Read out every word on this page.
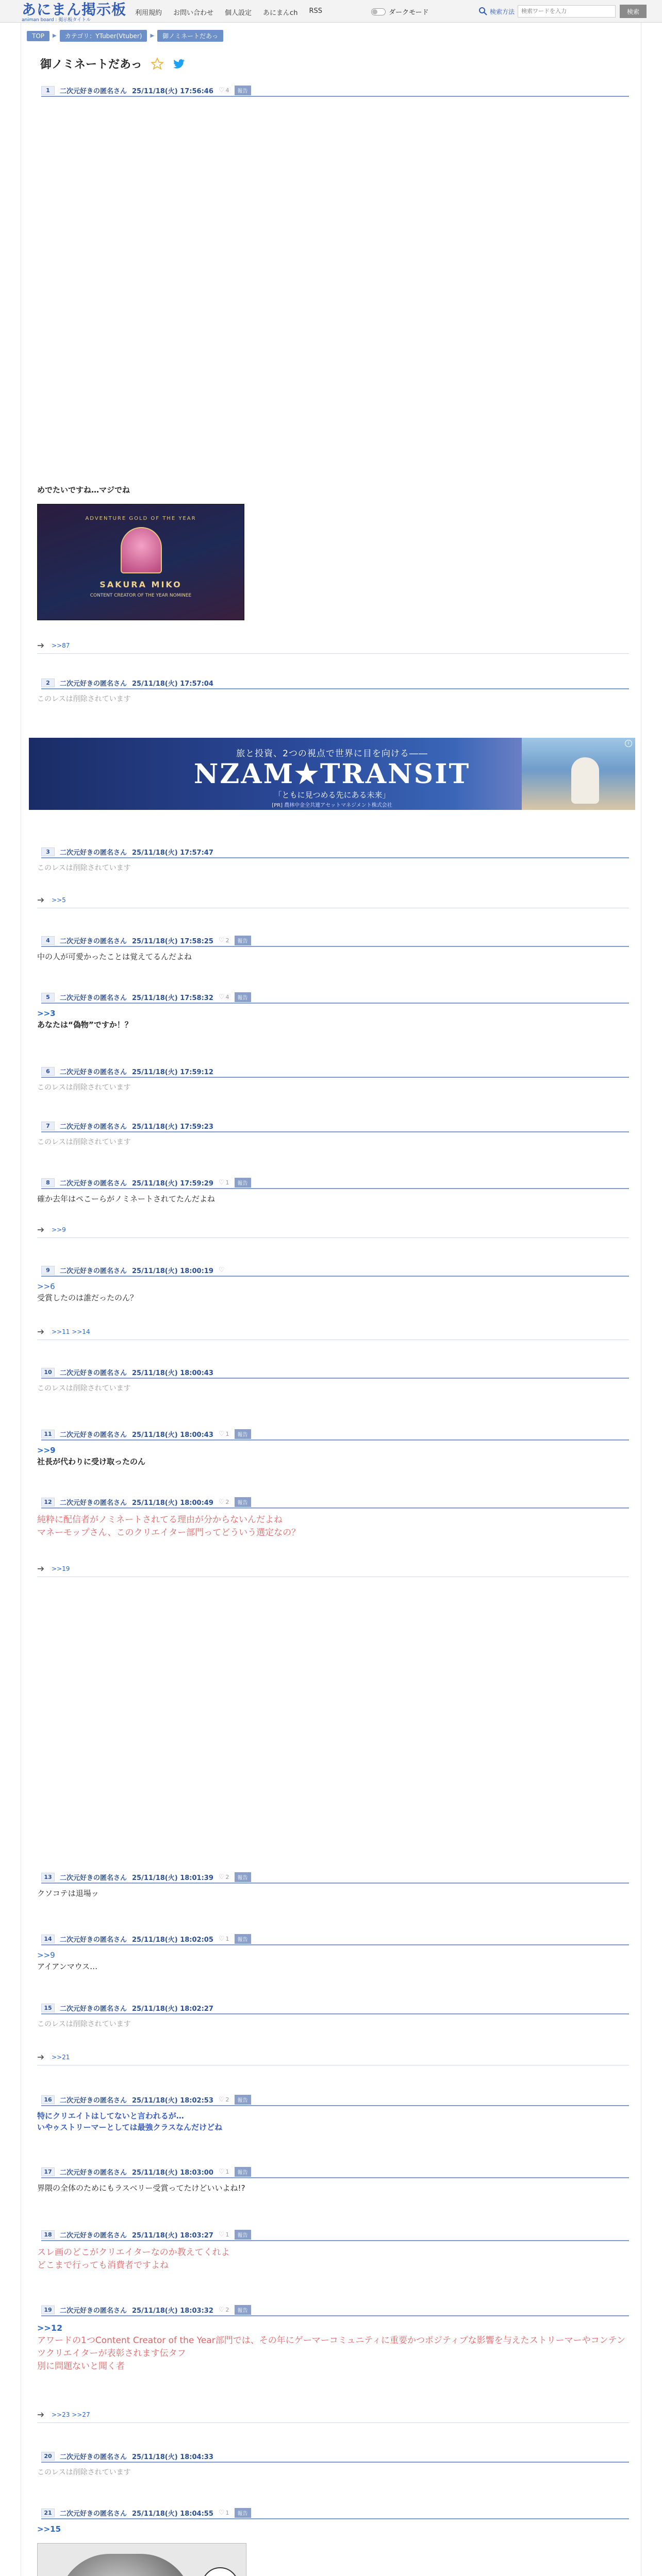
あにまん掲示板
animan board : 掲示板タイトル
利用規約 お問い合わせ 個人設定 あにまんch RSS	ダークモード	検索方法
検索ワードを入力	検索
TOP	▶	カテゴリ：YTuber(Vtuber)	▶	御ノミネートだあっ
御ノミネートだあっ
1	二次元好きの匿名さん 25/11/18(火) 17:56:46 ♡ 4	報告
めでたいですね…マジでね
ADVENTURE GOLD OF THE YEAR
SAKURA MIKO
CONTENT CREATOR OF THE YEAR NOMINEE
>>87
2	二次元好きの匿名さん 25/11/18(火) 17:57:04
このレスは削除されています
旅と投資、2つの視点で世界に目を向ける――
NZAM★TRANSIT
「ともに見つめる先にある未来」
[PR] 農林中金全共連アセットマネジメント株式会社
i
3	二次元好きの匿名さん 25/11/18(火) 17:57:47
このレスは削除されています
>>5
4	二次元好きの匿名さん 25/11/18(火) 17:58:25 ♡ 2	報告
中の人が可愛かったことは覚えてるんだよね
5	二次元好きの匿名さん 25/11/18(火) 17:58:32 ♡ 4	報告
>>3
あなたは“偽物”ですか！？
6	二次元好きの匿名さん 25/11/18(火) 17:59:12
このレスは削除されています
7	二次元好きの匿名さん 25/11/18(火) 17:59:23
このレスは削除されています
8	二次元好きの匿名さん 25/11/18(火) 17:59:29 ♡ 1	報告
確か去年はペこーらがノミネートされてたんだよね
>>9
9	二次元好きの匿名さん 25/11/18(火) 18:00:19 ♡
>>6
受賞したのは誰だったのん？
>>11 >>14
10	二次元好きの匿名さん 25/11/18(火) 18:00:43
このレスは削除されています
11	二次元好きの匿名さん 25/11/18(火) 18:00:43 ♡ 1	報告
>>9
社長が代わりに受け取ったのん
12	二次元好きの匿名さん 25/11/18(火) 18:00:49 ♡ 2	報告
純粋に配信者がノミネートされてる理由が分からないんだよね
マネーモップさん、このクリエイター部門ってどういう選定なの？
>>19
13	二次元好きの匿名さん 25/11/18(火) 18:01:39 ♡ 2	報告
クソコテは退場ッ
14	二次元好きの匿名さん 25/11/18(火) 18:02:05 ♡ 1	報告
>>9
アイアンマウス…
15	二次元好きの匿名さん 25/11/18(火) 18:02:27
このレスは削除されています
>>21
16	二次元好きの匿名さん 25/11/18(火) 18:02:53 ♡ 2	報告
特にクリエイトはしてないと言われるが…
いやゥストリーマーとしては最強クラスなんだけどね
17	二次元好きの匿名さん 25/11/18(火) 18:03:00 ♡ 1	報告
界隈の全体のためにもラスベリー受賞ってたけどいいよね!?
18	二次元好きの匿名さん 25/11/18(火) 18:03:27 ♡ 1	報告
スレ画のどこがクリエイターなのか教えてくれよ
どこまで行っても消費者ですよね
19	二次元好きの匿名さん 25/11/18(火) 18:03:32 ♡ 2	報告
>>12
アワードの1つContent Creator of the Year部門では、その年にゲーマーコミュニティに重要かつポジティブな影響を与えたストリーマーやコンテンツクリエイターが表彰されます伝タフ
別に問題ないと聞く者
>>23 >>27
20	二次元好きの匿名さん 25/11/18(火) 18:04:33
このレスは削除されています
21	二次元好きの匿名さん 25/11/18(火) 18:04:55 ♡ 1	報告
>>15
